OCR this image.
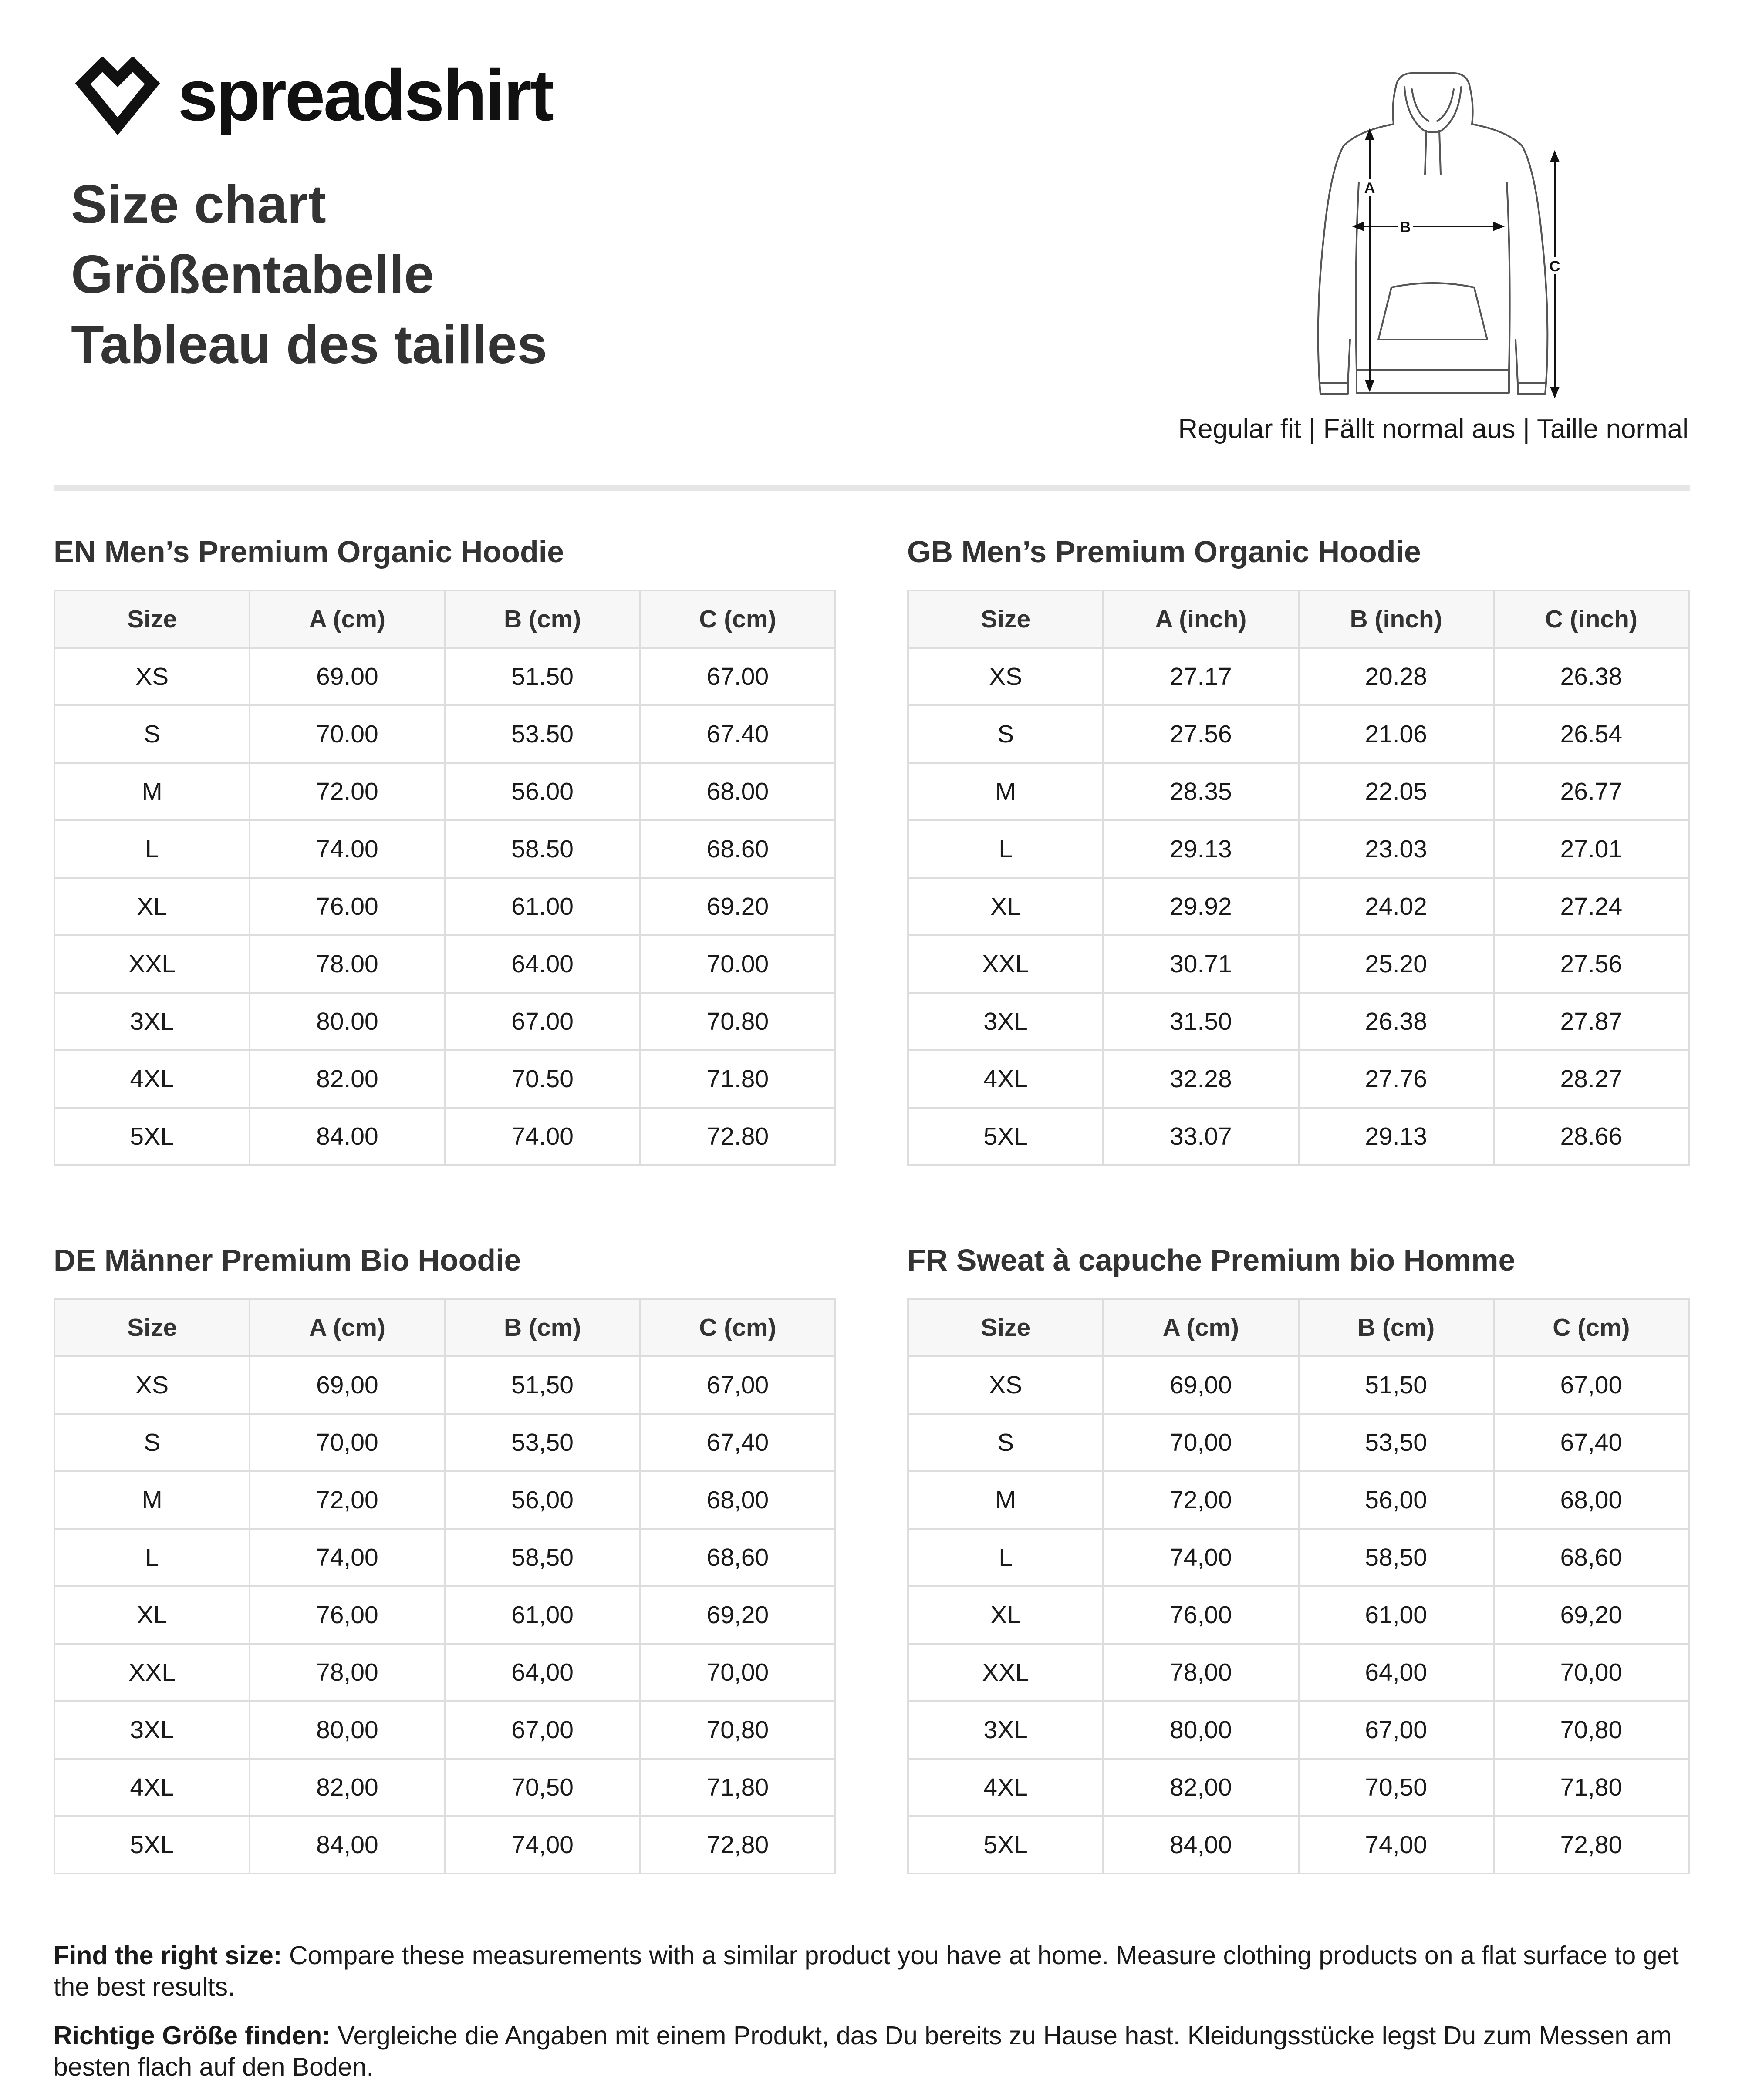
spreadshirt
Size chart
Größentabelle
Tableau des tailles
A
B
C
Regular fit | Fällt normal aus | Taille normal
EN Men’s Premium Organic Hoodie
Size	A (cm)	B (cm)	C (cm)
XS	69.00	51.50	67.00
S	70.00	53.50	67.40
M	72.00	56.00	68.00
L	74.00	58.50	68.60
XL	76.00	61.00	69.20
XXL	78.00	64.00	70.00
3XL	80.00	67.00	70.80
4XL	82.00	70.50	71.80
5XL	84.00	74.00	72.80
GB Men’s Premium Organic Hoodie
Size	A (inch)	B (inch)	C (inch)
XS	27.17	20.28	26.38
S	27.56	21.06	26.54
M	28.35	22.05	26.77
L	29.13	23.03	27.01
XL	29.92	24.02	27.24
XXL	30.71	25.20	27.56
3XL	31.50	26.38	27.87
4XL	32.28	27.76	28.27
5XL	33.07	29.13	28.66
DE Männer Premium Bio Hoodie
Size	A (cm)	B (cm)	C (cm)
XS	69,00	51,50	67,00
S	70,00	53,50	67,40
M	72,00	56,00	68,00
L	74,00	58,50	68,60
XL	76,00	61,00	69,20
XXL	78,00	64,00	70,00
3XL	80,00	67,00	70,80
4XL	82,00	70,50	71,80
5XL	84,00	74,00	72,80
FR Sweat à capuche Premium bio Homme
Size	A (cm)	B (cm)	C (cm)
XS	69,00	51,50	67,00
S	70,00	53,50	67,40
M	72,00	56,00	68,00
L	74,00	58,50	68,60
XL	76,00	61,00	69,20
XXL	78,00	64,00	70,00
3XL	80,00	67,00	70,80
4XL	82,00	70,50	71,80
5XL	84,00	74,00	72,80

Find the right size: Compare these measurements with a similar product you have at home. Measure clothing products on a flat surface to get the best results.

Richtige Größe finden: Vergleiche die Angaben mit einem Produkt, das Du bereits zu Hause hast. Kleidungsstücke legst Du zum Messen am besten flach auf den Boden.
